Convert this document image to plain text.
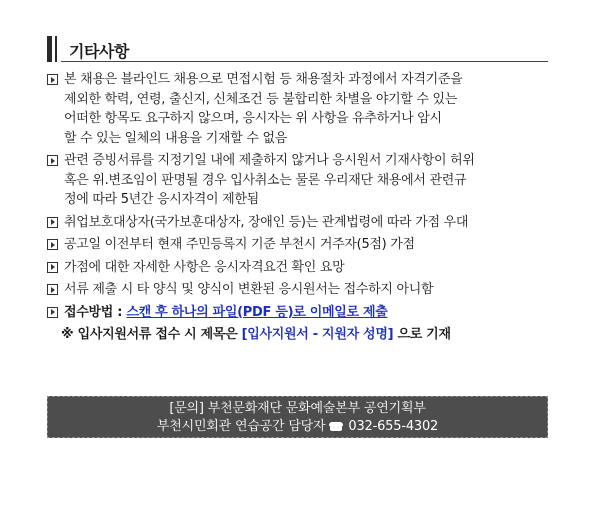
기타사항
본 채용은 블라인드 채용으로 면접시험 등 채용절차 과정에서 자격기준을
제외한 학력, 연령, 출신지, 신체조건 등 불합리한 차별을 야기할 수 있는
어떠한 항목도 요구하지 않으며, 응시자는 위 사항을 유추하거나 암시
할 수 있는 일체의 내용을 기재할 수 없음
관련 증빙서류를 지정기일 내에 제출하지 않거나 응시원서 기재사항이 허위
혹은 위.변조임이 판명될 경우 입사취소는 물론 우리재단 채용에서 관련규
정에 따라 5년간 응시자격이 제한됨
취업보호대상자(국가보훈대상자, 장애인 등)는 관계법령에 따라 가점 우대
공고일 이전부터 현재 주민등록지 기준 부천시 거주자(5점) 가점
가점에 대한 자세한 사항은 응시자격요건 확인 요망
서류 제출 시 타 양식 및 양식이 변환된 응시원서는 접수하지 아니함
접수방법 : 스캔 후 하나의 파일(PDF 등)로 이메일로 제출
※ 입사지원서류 접수 시 제목은 [입사지원서 - 지원자 성명] 으로 기재
[문의] 부천문화재단 문화예술본부 공연기획부
부천시민회관 연습공간 담당자 032-655-4302
